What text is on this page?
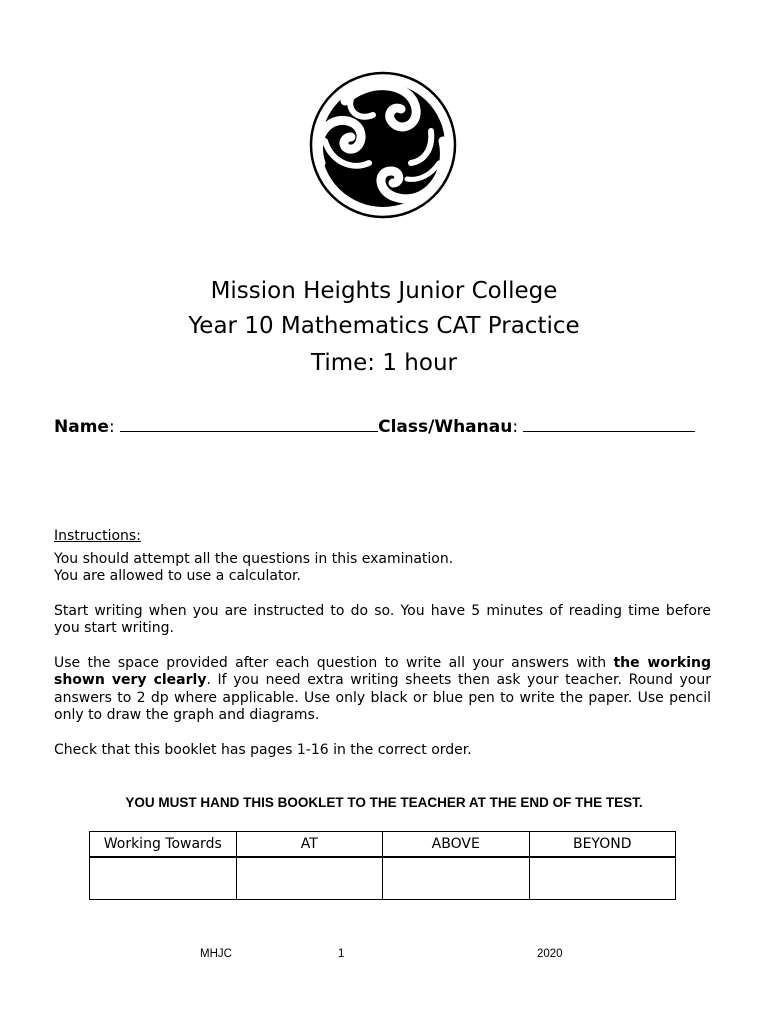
Mission Heights Junior College
Year 10 Mathematics CAT Practice
Time: 1 hour
Name:	Class/Whanau:
Instructions:

You should attempt all the questions in this examination.
You are allowed to use a calculator.

Start writing when you are instructed to do so. You have 5 minutes of reading time before you start writing.

Use the space provided after each question to write all your answers with the working shown very clearly. If you need extra writing sheets then ask your teacher. Round your answers to 2 dp where applicable. Use only black or blue pen to write the paper. Use pencil only to draw the graph and diagrams.

Check that this booklet has pages 1-16 in the correct order.

YOU MUST HAND THIS BOOKLET TO THE TEACHER AT THE END OF THE TEST.
Working Towards	AT	ABOVE	BEYOND

MHJC	1	2020
